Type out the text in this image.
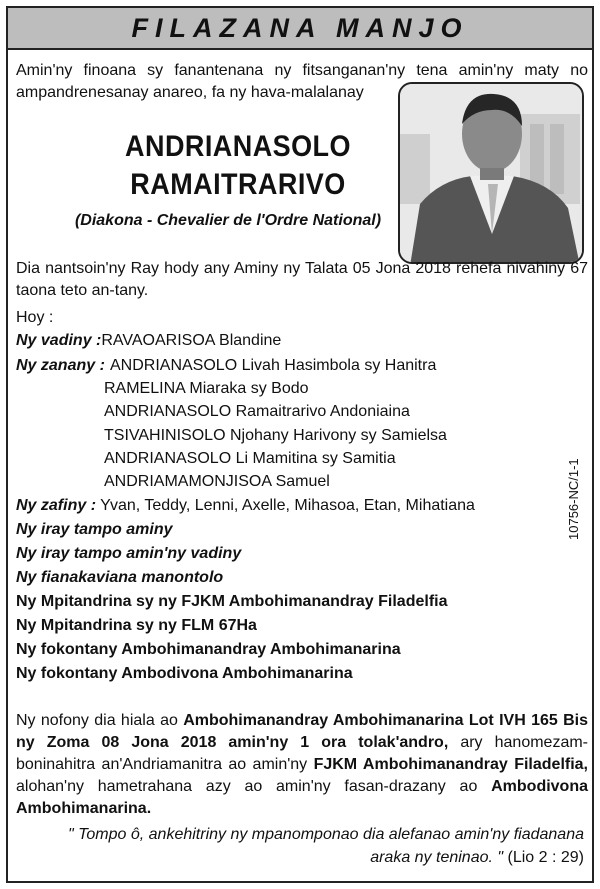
FILAZANA MANJO
Amin'ny finoana sy fanantenana ny fitsanganan'ny tena amin'ny maty no ampandrenesanay anareo, fa ny hava-malalanay
ANDRIANASOLO
RAMAITRARIVO
(Diakona - Chevalier de l'Ordre National)
Dia nantsoin'ny Ray hody any Aminy ny Talata 05 Jona 2018 rehefa nivahiny 67 taona teto an-tany.
Hoy :
Ny vadiny :RAVAOARISOA Blandine
Ny zanany : ANDRIANASOLO Livah Hasimbola sy Hanitra
RAMELINA Miaraka sy Bodo
ANDRIANASOLO Ramaitrarivo Andoniaina
TSIVAHINISOLO Njohany Harivony sy Samielsa
ANDRIANASOLO Li Mamitina sy Samitia
ANDRIAMAMONJISOA Samuel
Ny zafiny : Yvan, Teddy, Lenni, Axelle, Mihasoa, Etan, Mihatiana
Ny iray tampo aminy
Ny iray tampo amin'ny vadiny
Ny fianakaviana manontolo
Ny Mpitandrina sy ny FJKM Ambohimanandray Filadelfia
Ny Mpitandrina sy ny FLM 67Ha
Ny fokontany Ambohimanandray Ambohimanarina
Ny fokontany Ambodivona Ambohimanarina
10756-NC/1-1
Ny nofony dia hiala ao Ambohimanandray Ambohimanarina Lot IVH 165 Bis ny Zoma 08 Jona 2018 amin'ny 1 ora tolak'andro, ary hanomezam-boninahitra an'Andriamanitra ao amin'ny FJKM Ambohimanandray Filadelfia, alohan'ny hametrahana azy ao amin'ny fasan-drazany ao Ambodivona Ambohimanarina.
" Tompo ô, ankehitriny ny mpanomponao dia alefanao amin'ny fiadanana
araka ny teninao. " (Lio 2 : 29)
